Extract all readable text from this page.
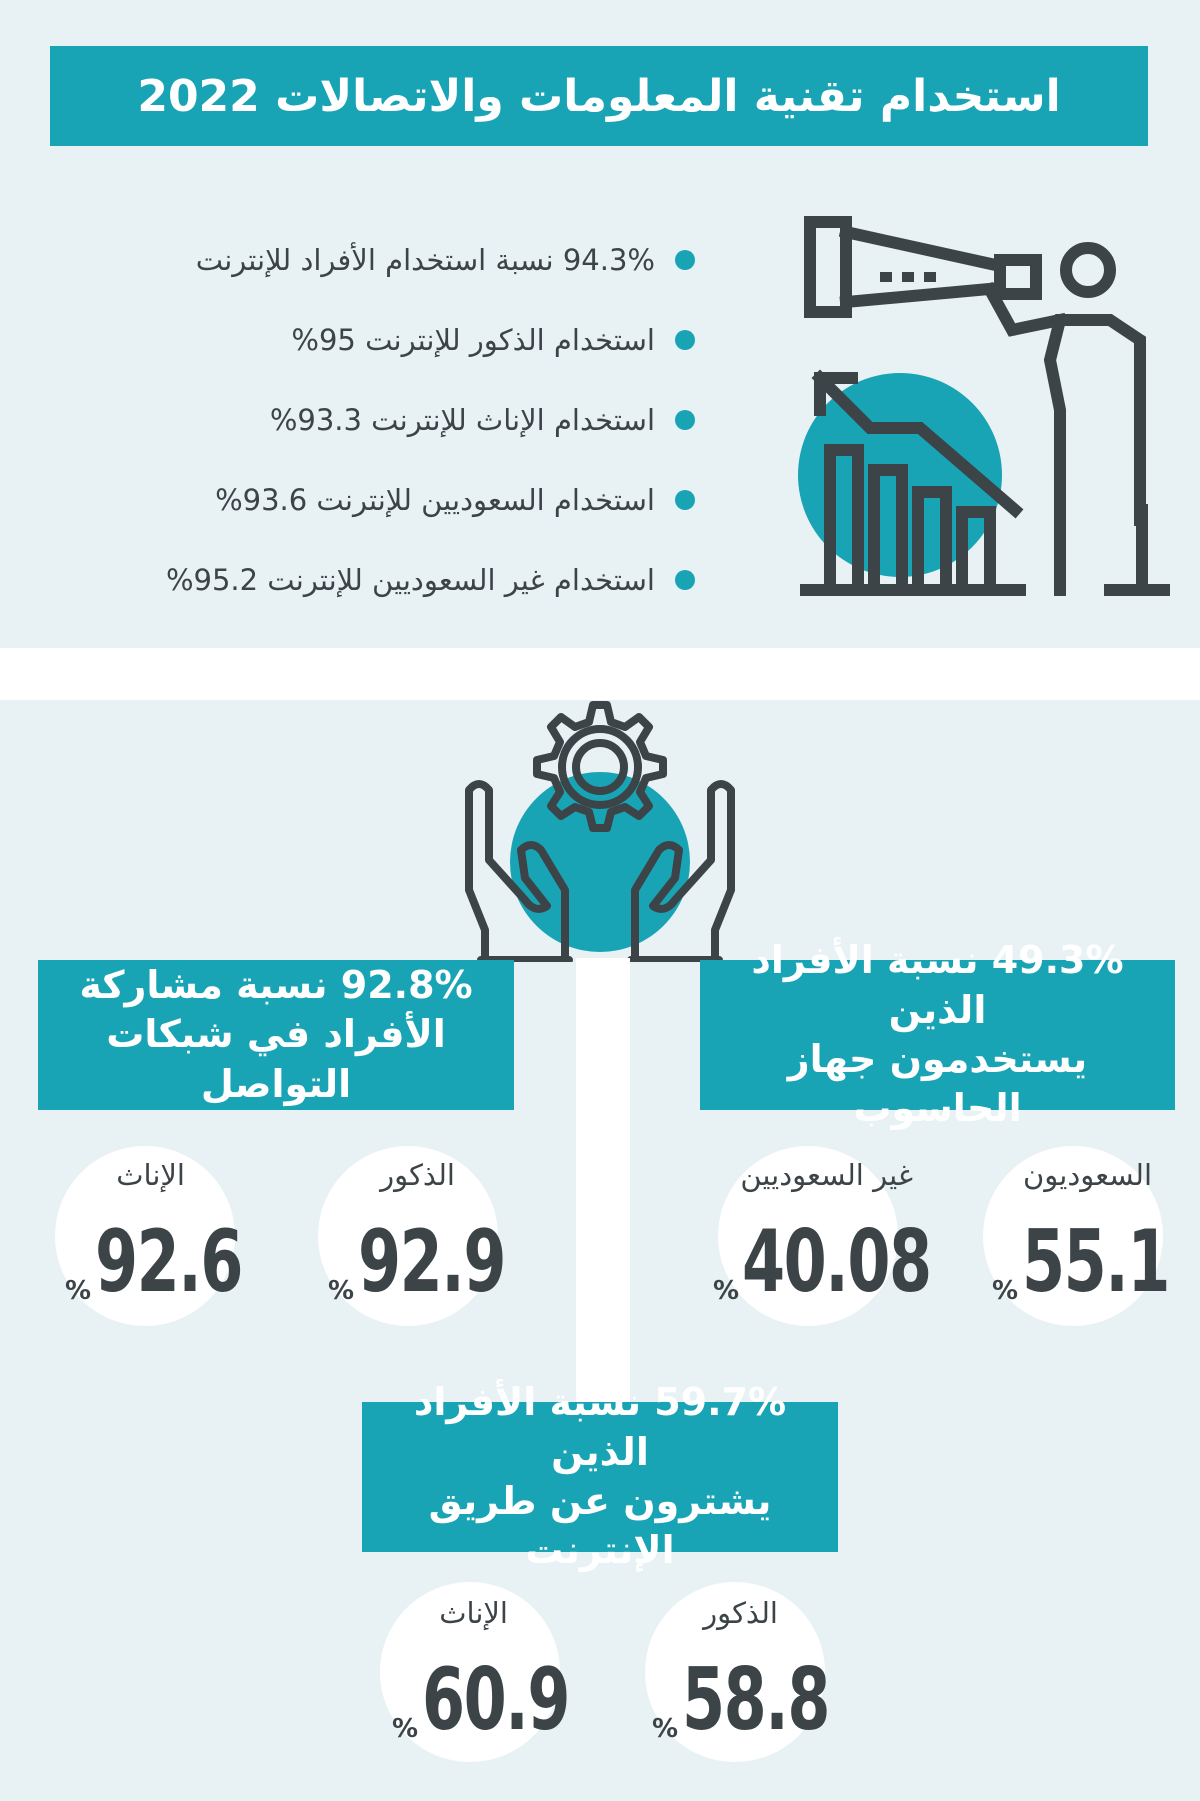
استخدام تقنية المعلومات والاتصالات 2022
94.3% نسبة استخدام الأفراد للإنترنت
استخدام الذكور للإنترنت 95%
استخدام الإناث للإنترنت 93.3%
استخدام السعوديين للإنترنت 93.6%
استخدام غير السعوديين للإنترنت 95.2%
49.3% نسبة الأفراد الذين
يستخدمون جهاز الحاسوب
92.8% نسبة مشاركة
الأفراد في شبكات التواصل
59.7% نسبة الأفراد الذين
يشترون عن طريق الإنترنت
السعوديون
55.1
%
غير السعوديين
40.08
%
الذكور
92.9
%
الإناث
92.6
%
الذكور
58.8
%
الإناث
60.9
%
